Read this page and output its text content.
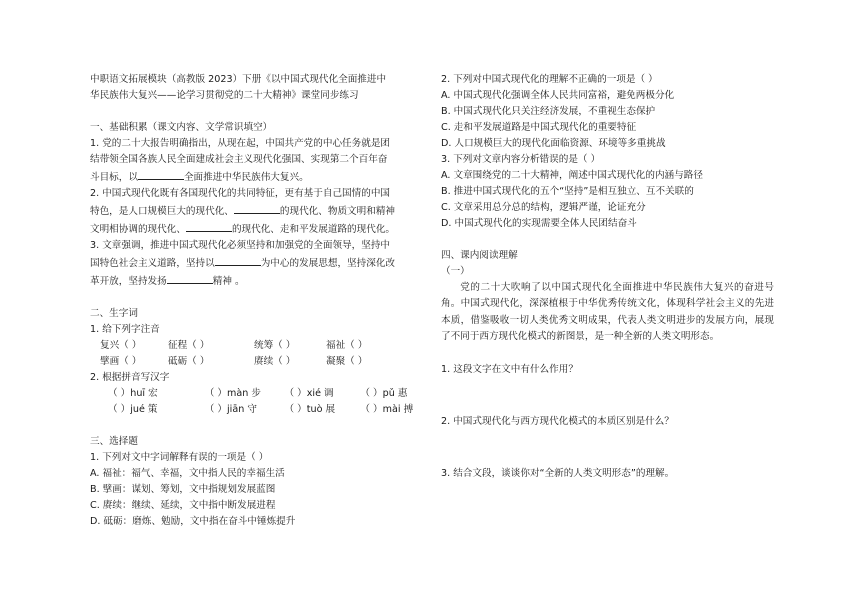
中职语文拓展模块（高教版 2023）下册《以中国式现代化全面推进中
华民族伟大复兴——论学习贯彻党的二十大精神》课堂同步练习
一、基础积累（课文内容、文学常识填空）
1. 党的二十大报告明确指出，从现在起，中国共产党的中心任务就是团
结带领全国各族人民全面建成社会主义现代化强国、实现第二个百年奋
斗目标，以	全面推进中华民族伟大复兴。
2. 中国式现代化既有各国现代化的共同特征，更有基于自己国情的中国
特色，是人口规模巨大的现代化、	的现代化、物质文明和精神
文明相协调的现代化、	的现代化、走和平发展道路的现代化。
3. 文章强调，推进中国式现代化必须坚持和加强党的全面领导，坚持中
国特色社会主义道路，坚持以	为中心的发展思想，坚持深化改
革开放，坚持发扬	精神 。
二、生字词
1. 给下列字注音
复兴（ ）	征程（ ）	统筹（ ）	福祉（ ）
擘画（ ）	砥砺（ ）	赓续（ ）	凝聚（ ）
2. 根据拼音写汉字
（ ）huī 宏	（ ）màn 步	（ ）xié 调	（ ）pǔ 惠
（ ）jué 策	（ ）jiān 守	（ ）tuò 展	（ ）mài 搏
三、选择题
1. 下列对文中字词解释有误的一项是（ ）
A. 福祉：福气、幸福，文中指人民的幸福生活
B. 擘画：谋划、筹划，文中指规划发展蓝图
C. 赓续：继续、延续，文中指中断发展进程
D. 砥砺：磨炼、勉励，文中指在奋斗中锤炼提升
2. 下列对中国式现代化的理解不正确的一项是（ ）
A. 中国式现代化强调全体人民共同富裕，避免两极分化
B. 中国式现代化只关注经济发展，不重视生态保护
C. 走和平发展道路是中国式现代化的重要特征
D. 人口规模巨大的现代化面临资源、环境等多重挑战
3. 下列对文章内容分析错误的是（ ）
A. 文章围绕党的二十大精神，阐述中国式现代化的内涵与路径
B. 推进中国式现代化的五个“坚持”是相互独立、互不关联的
C. 文章采用总分总的结构，逻辑严谨，论证充分
D. 中国式现代化的实现需要全体人民团结奋斗
四、课内阅读理解
（一）
党的二十大吹响了以中国式现代化全面推进中华民族伟大复兴的奋进号角。中国式现代化，深深植根于中华优秀传统文化，体现科学社会主义的先进本质，借鉴吸收一切人类优秀文明成果，代表人类文明进步的发展方向，展现了不同于西方现代化模式的新图景，是一种全新的人类文明形态。
1. 这段文字在文中有什么作用？
2. 中国式现代化与西方现代化模式的本质区别是什么？
3. 结合文段，谈谈你对“全新的人类文明形态”的理解。
